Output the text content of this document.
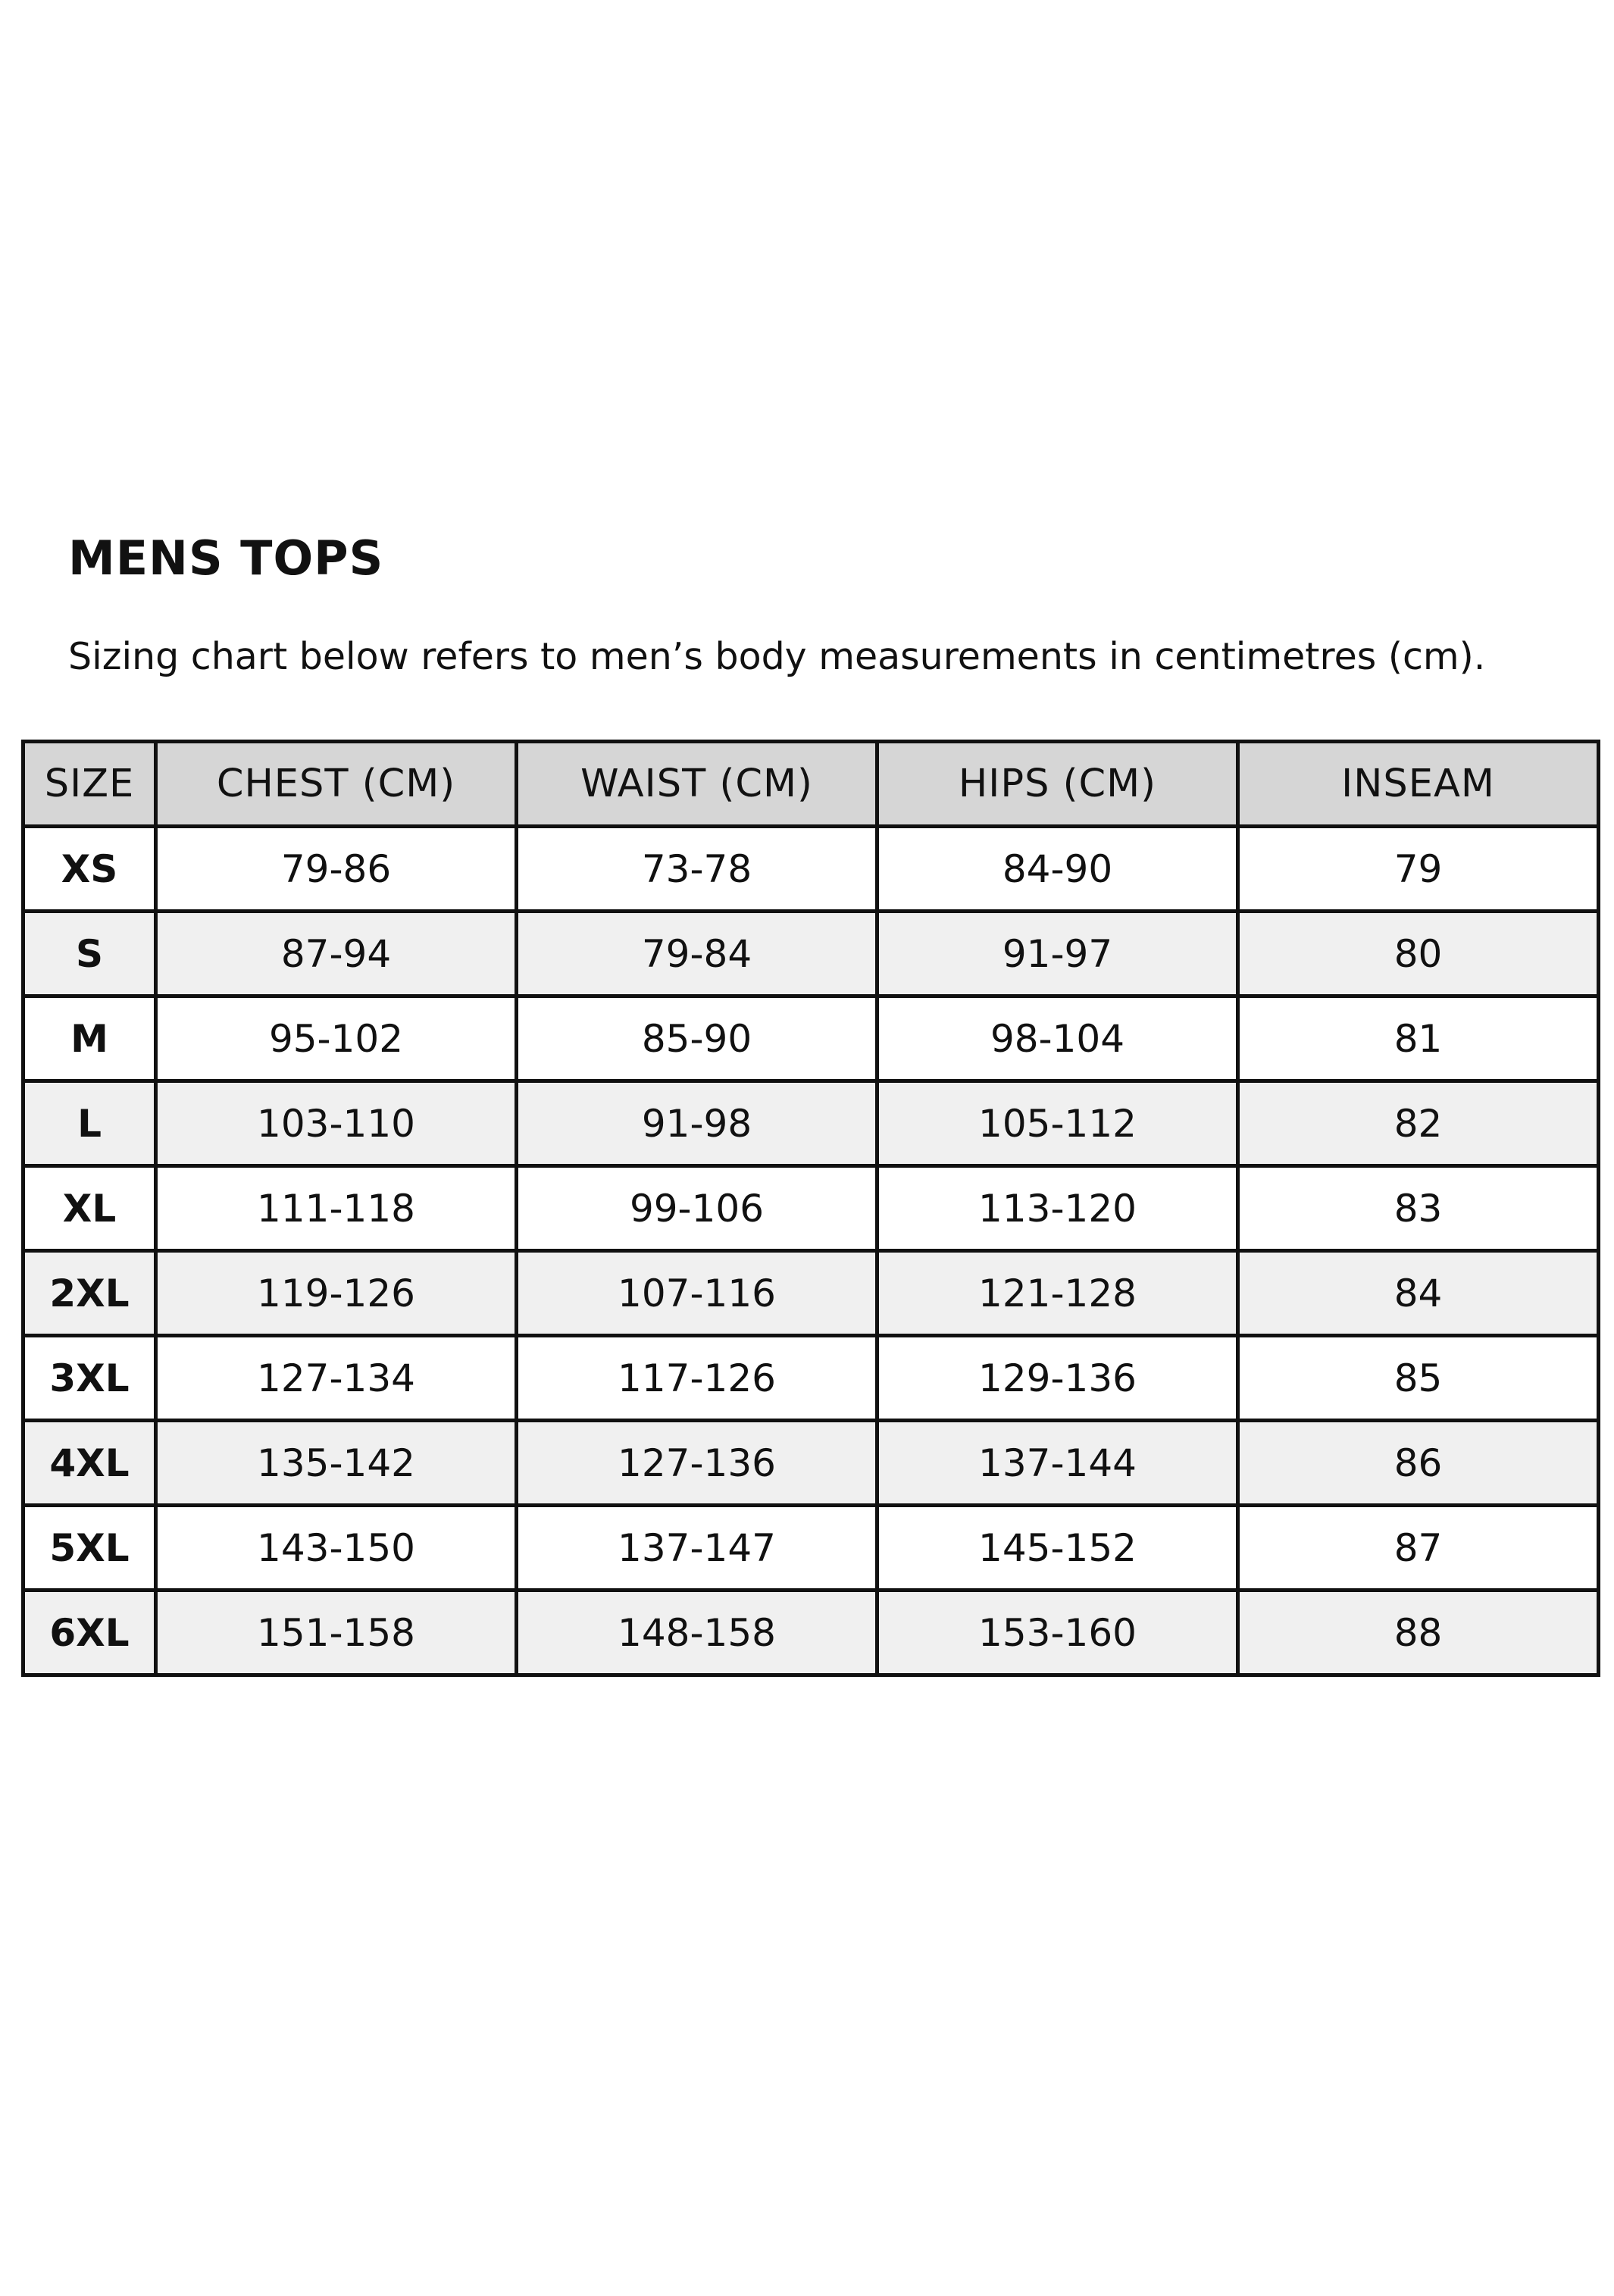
MENS TOPS

Sizing chart below refers to men’s body measurements in centimetres (cm).

SIZE	CHEST (CM)	WAIST (CM)	HIPS (CM)	INSEAM
XS	79-86	73-78	84-90	79
S	87-94	79-84	91-97	80
M	95-102	85-90	98-104	81
L	103-110	91-98	105-112	82
XL	111-118	99-106	113-120	83
2XL	119-126	107-116	121-128	84
3XL	127-134	117-126	129-136	85
4XL	135-142	127-136	137-144	86
5XL	143-150	137-147	145-152	87
6XL	151-158	148-158	153-160	88
